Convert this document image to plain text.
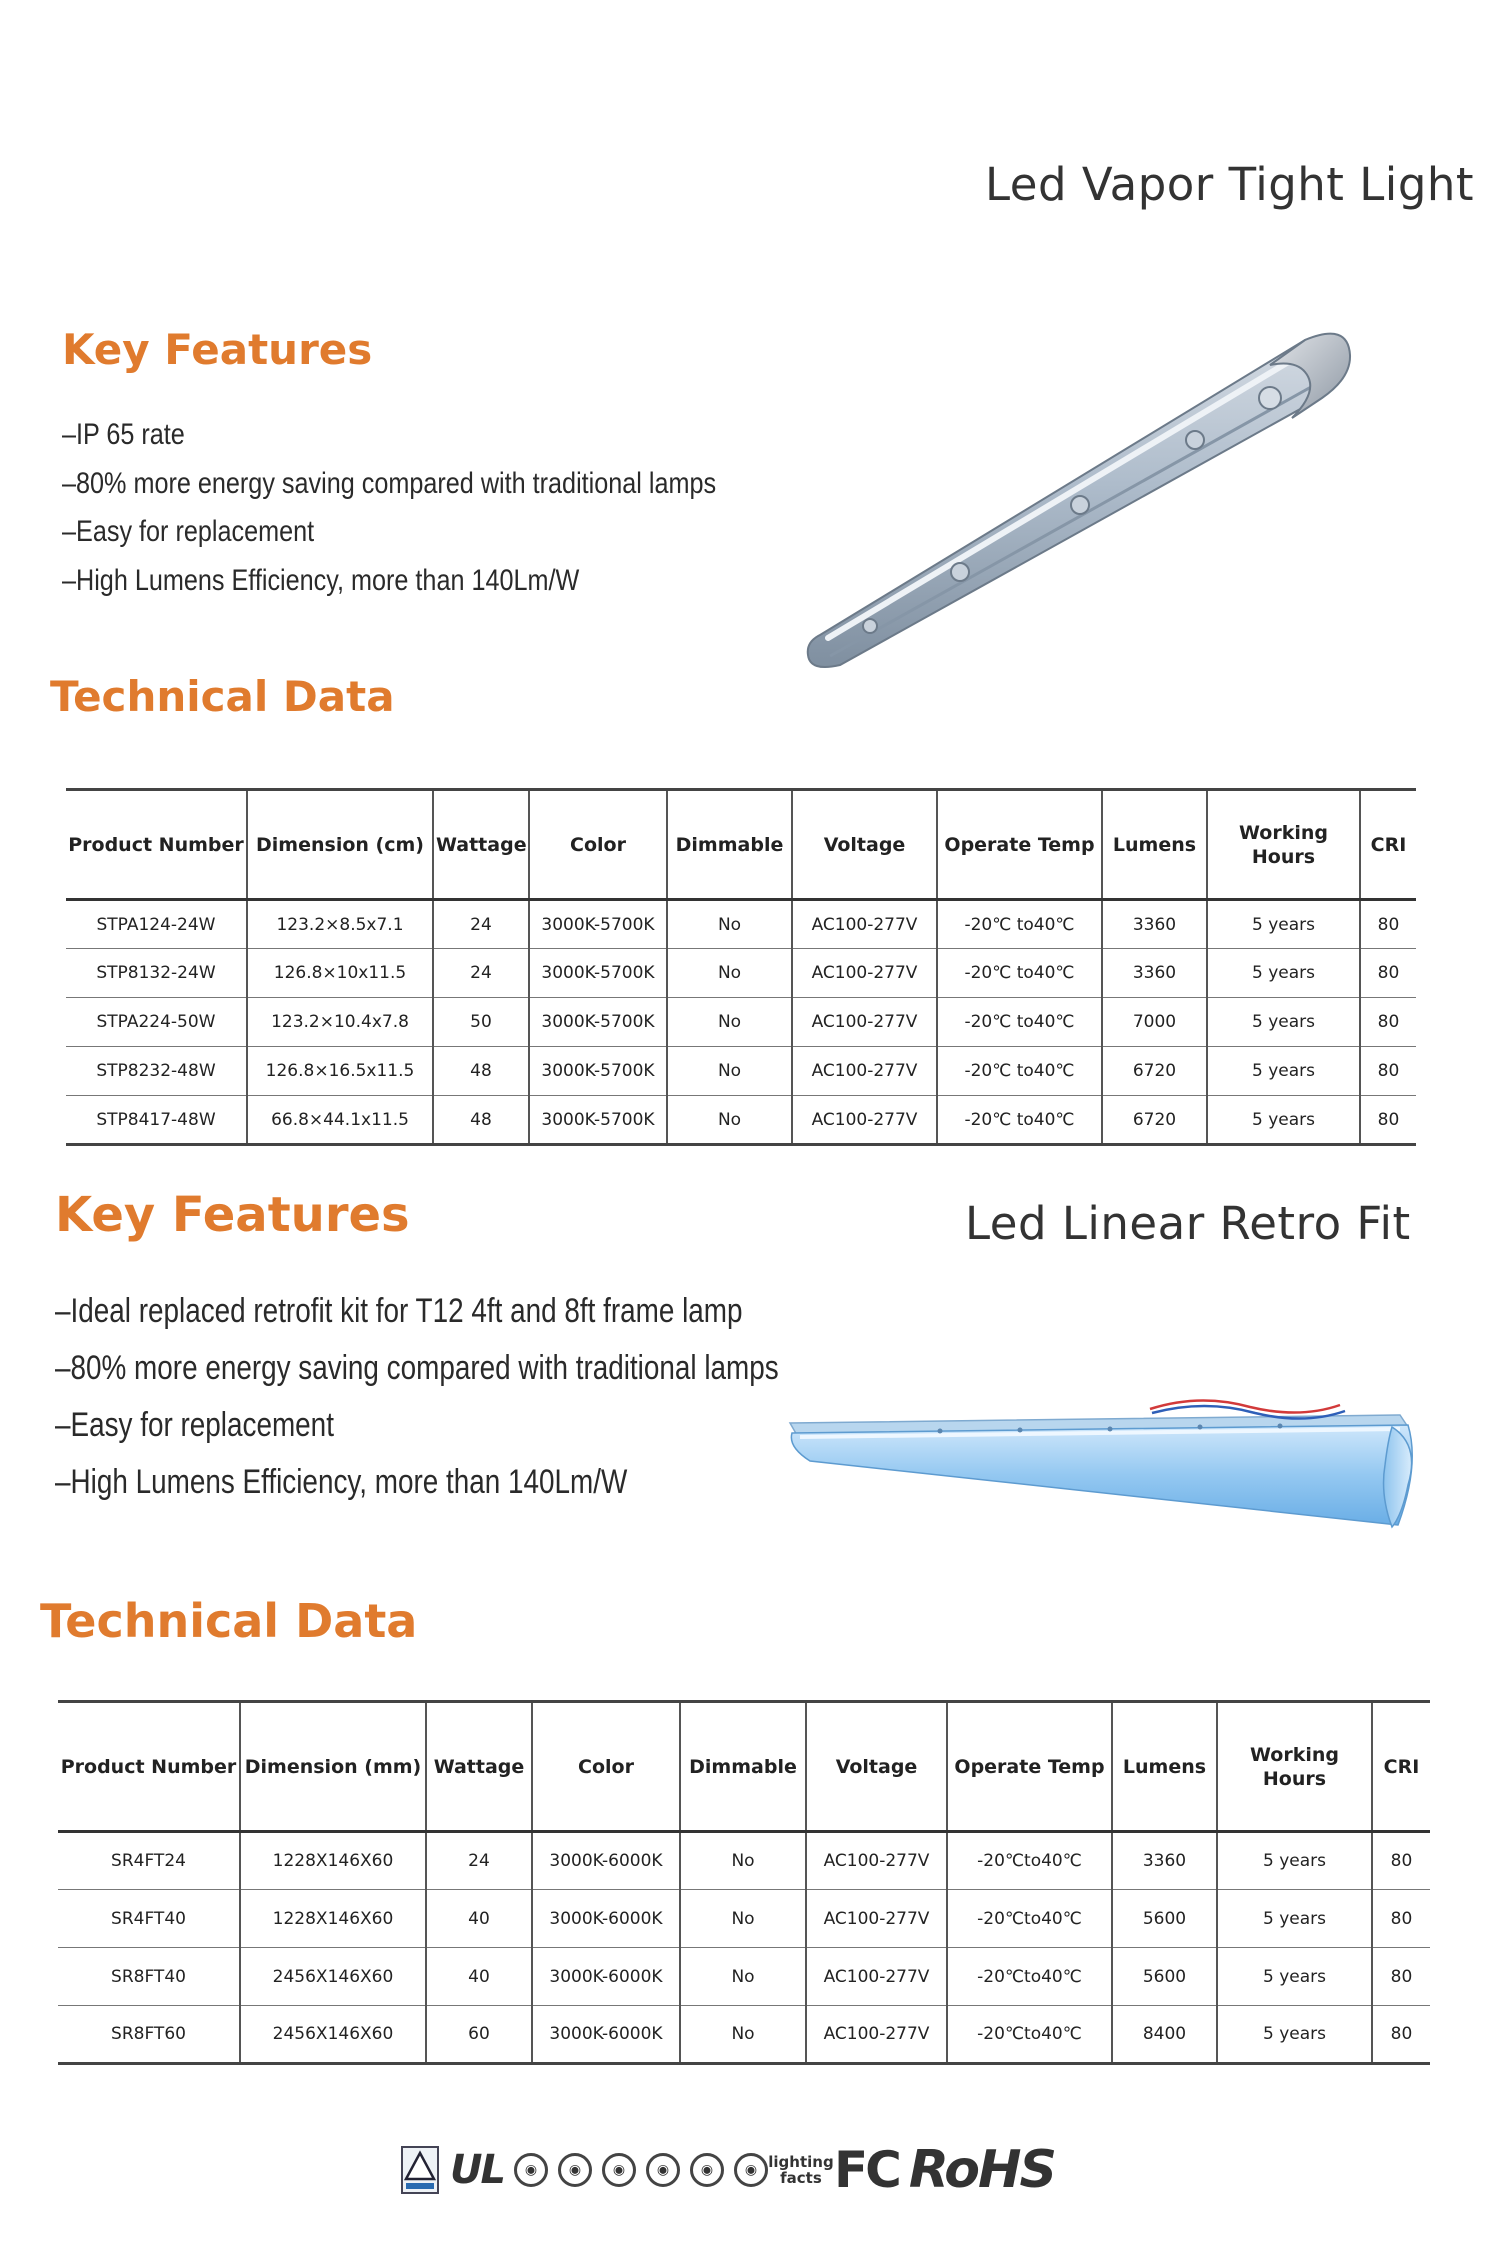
Led Vapor Tight Light
Key Features
–IP 65 rate
–80% more energy saving compared with traditional lamps
–Easy for replacement
–High Lumens Efficiency, more than 140Lm/W
Technical Data
Product Number	Dimension (cm)	Wattage	Color	Dimmable	Voltage	Operate Temp	Lumens	Working Hours	CRI
STPA124-24W	123.2×8.5x7.1	24	3000K-5700K	No	AC100-277V	-20℃ to40℃	3360	5 years	80
STP8132-24W	126.8×10x11.5	24	3000K-5700K	No	AC100-277V	-20℃ to40℃	3360	5 years	80
STPA224-50W	123.2×10.4x7.8	50	3000K-5700K	No	AC100-277V	-20℃ to40℃	7000	5 years	80
STP8232-48W	126.8×16.5x11.5	48	3000K-5700K	No	AC100-277V	-20℃ to40℃	6720	5 years	80
STP8417-48W	66.8×44.1x11.5	48	3000K-5700K	No	AC100-277V	-20℃ to40℃	6720	5 years	80
Key Features	Led Linear Retro Fit
–Ideal replaced retrofit kit for T12 4ft and 8ft frame lamp
–80% more energy saving compared with traditional lamps
–Easy for replacement
–High Lumens Efficiency, more than 140Lm/W
Technical Data
Product Number	Dimension (mm)	Wattage	Color	Dimmable	Voltage	Operate Temp	Lumens	Working Hours	CRI
SR4FT24	1228X146X60	24	3000K-6000K	No	AC100-277V	-20℃to40℃	3360	5 years	80
SR4FT40	1228X146X60	40	3000K-6000K	No	AC100-277V	-20℃to40℃	5600	5 years	80
SR8FT40	2456X146X60	40	3000K-6000K	No	AC100-277V	-20℃to40℃	5600	5 years	80
SR8FT60	2456X146X60	60	3000K-6000K	No	AC100-277V	-20℃to40℃	8400	5 years	80
UL	◉	◉	◉	◉	◉	◉ lighting facts FC RoHS
